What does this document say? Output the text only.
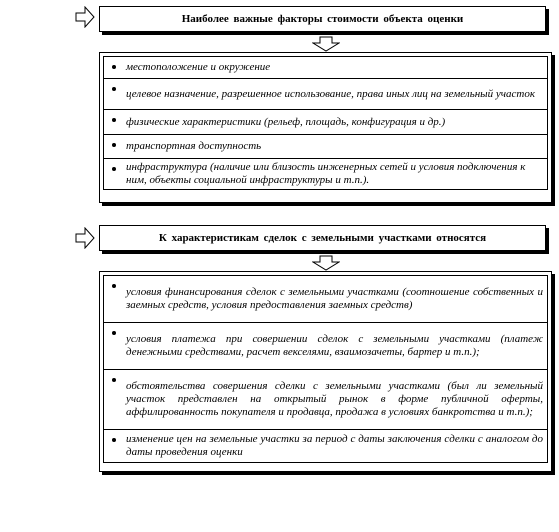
Наиболее важные факторы стоимости объекта оценки
местоположение и окружение
целевое назначение, разрешенное использование, права иных лиц на земельный участок
физические характеристики (рельеф, площадь, конфигурация и др.)
транспортная доступность
инфраструктура (наличие или близость инженерных сетей и условия подключения к ним, объекты социальной инфраструктуры и т.п.).
К характеристикам сделок с земельными участками относятся
условия финансирования сделок с земельными участками (соотношение собственных и заемных средств, условия предоставления заемных средств)
условия платежа при совершении сделок с земельными участками (платеж денежными средствами, расчет векселями, взаимозачеты, бартер и т.п.);
обстоятельства совершения сделки с земельными участками (был ли земельный участок представлен на открытый рынок в форме публичной оферты, аффилированность покупателя и продавца, продажа в условиях банкротства и т.п.);
изменение цен на земельные участки за период с даты заключения сделки с аналогом до даты проведения оценки
